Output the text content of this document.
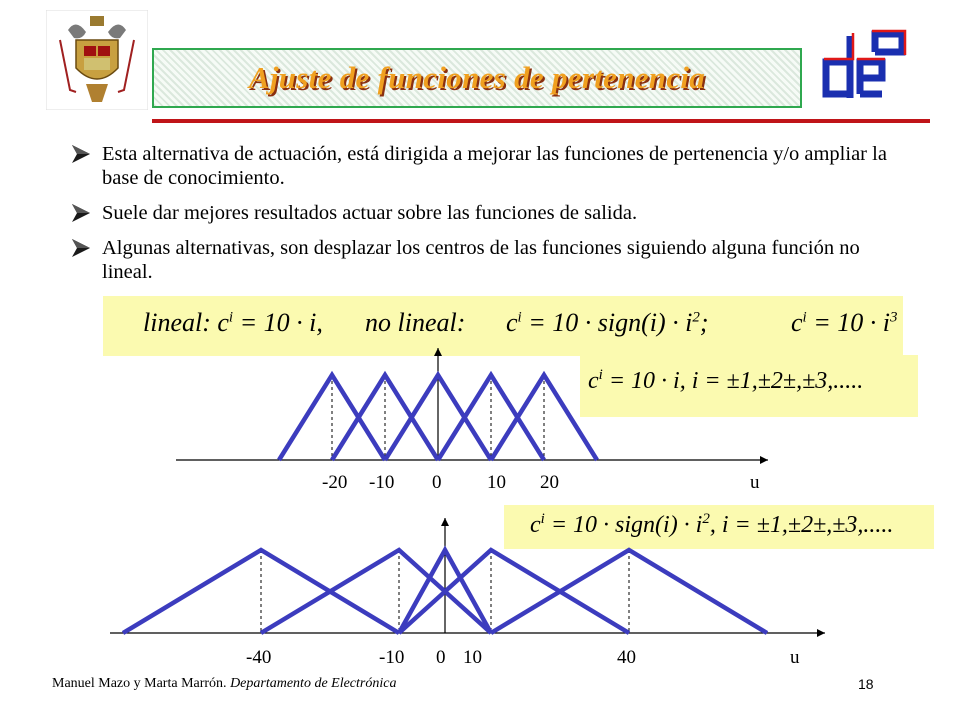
Ajuste de funciones de pertenencia
Esta alternativa de actuación, está dirigida a mejorar las funciones de pertenencia y/o ampliar la base de conocimiento.
Suele dar mejores resultados actuar sobre las funciones de salida.
Algunas alternativas, son desplazar los centros de las funciones siguiendo alguna función no lineal.
lineal: $c^i = 10 \cdot i$, no lineal: $c^i = 10$ · sign(i) · $i^2$;	$c^i = 10 \cdot i^3$
$c^i = 10 \cdot i$, i = ±1,±2±,±3,.....
$c^i = 10$ · sign(i) · $i^2$, i = ±1,±2±,±3,.....
-20 -10 0 10 20	u
-40	-10 0 10	40	u
Manuel Mazo y Marta Marrón. Departamento de Electrónica	18
